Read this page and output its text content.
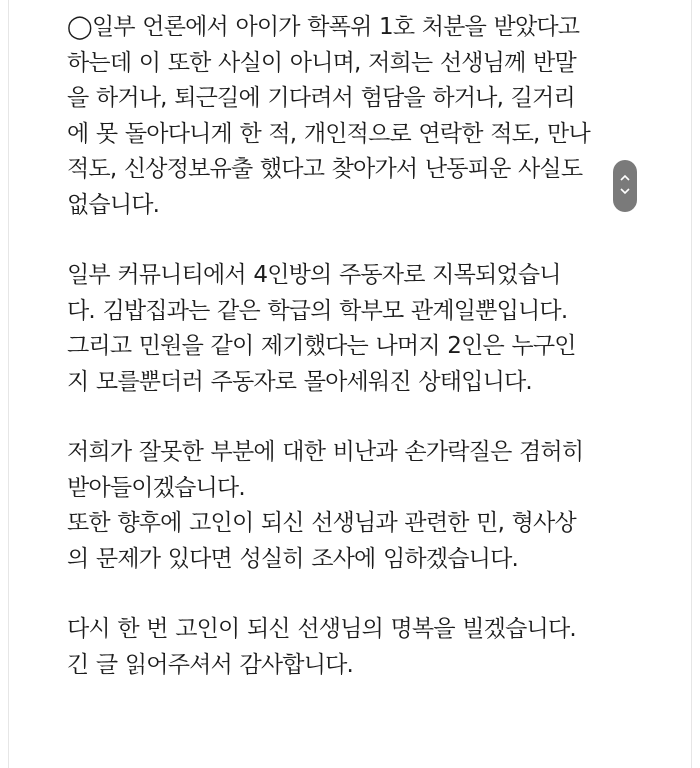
◯일부 언론에서 아이가 학폭위 1호 처분을 받았다고
하는데 이 또한 사실이 아니며, 저희는 선생님께 반말
을 하거나, 퇴근길에 기다려서 험담을 하거나, 길거리
에 못 돌아다니게 한 적, 개인적으로 연락한 적도, 만나
적도, 신상정보유출 했다고 찾아가서 난동피운 사실도
없습니다.
일부 커뮤니티에서 4인방의 주동자로 지목되었습니
다. 김밥집과는 같은 학급의 학부모 관계일뿐입니다.
그리고 민원을 같이 제기했다는 나머지 2인은 누구인
지 모를뿐더러 주동자로 몰아세워진 상태입니다.
저희가 잘못한 부분에 대한 비난과 손가락질은 겸허히
받아들이겠습니다.
또한 향후에 고인이 되신 선생님과 관련한 민, 형사상
의 문제가 있다면 성실히 조사에 임하겠습니다.
다시 한 번 고인이 되신 선생님의 명복을 빌겠습니다.
긴 글 읽어주셔서 감사합니다.
